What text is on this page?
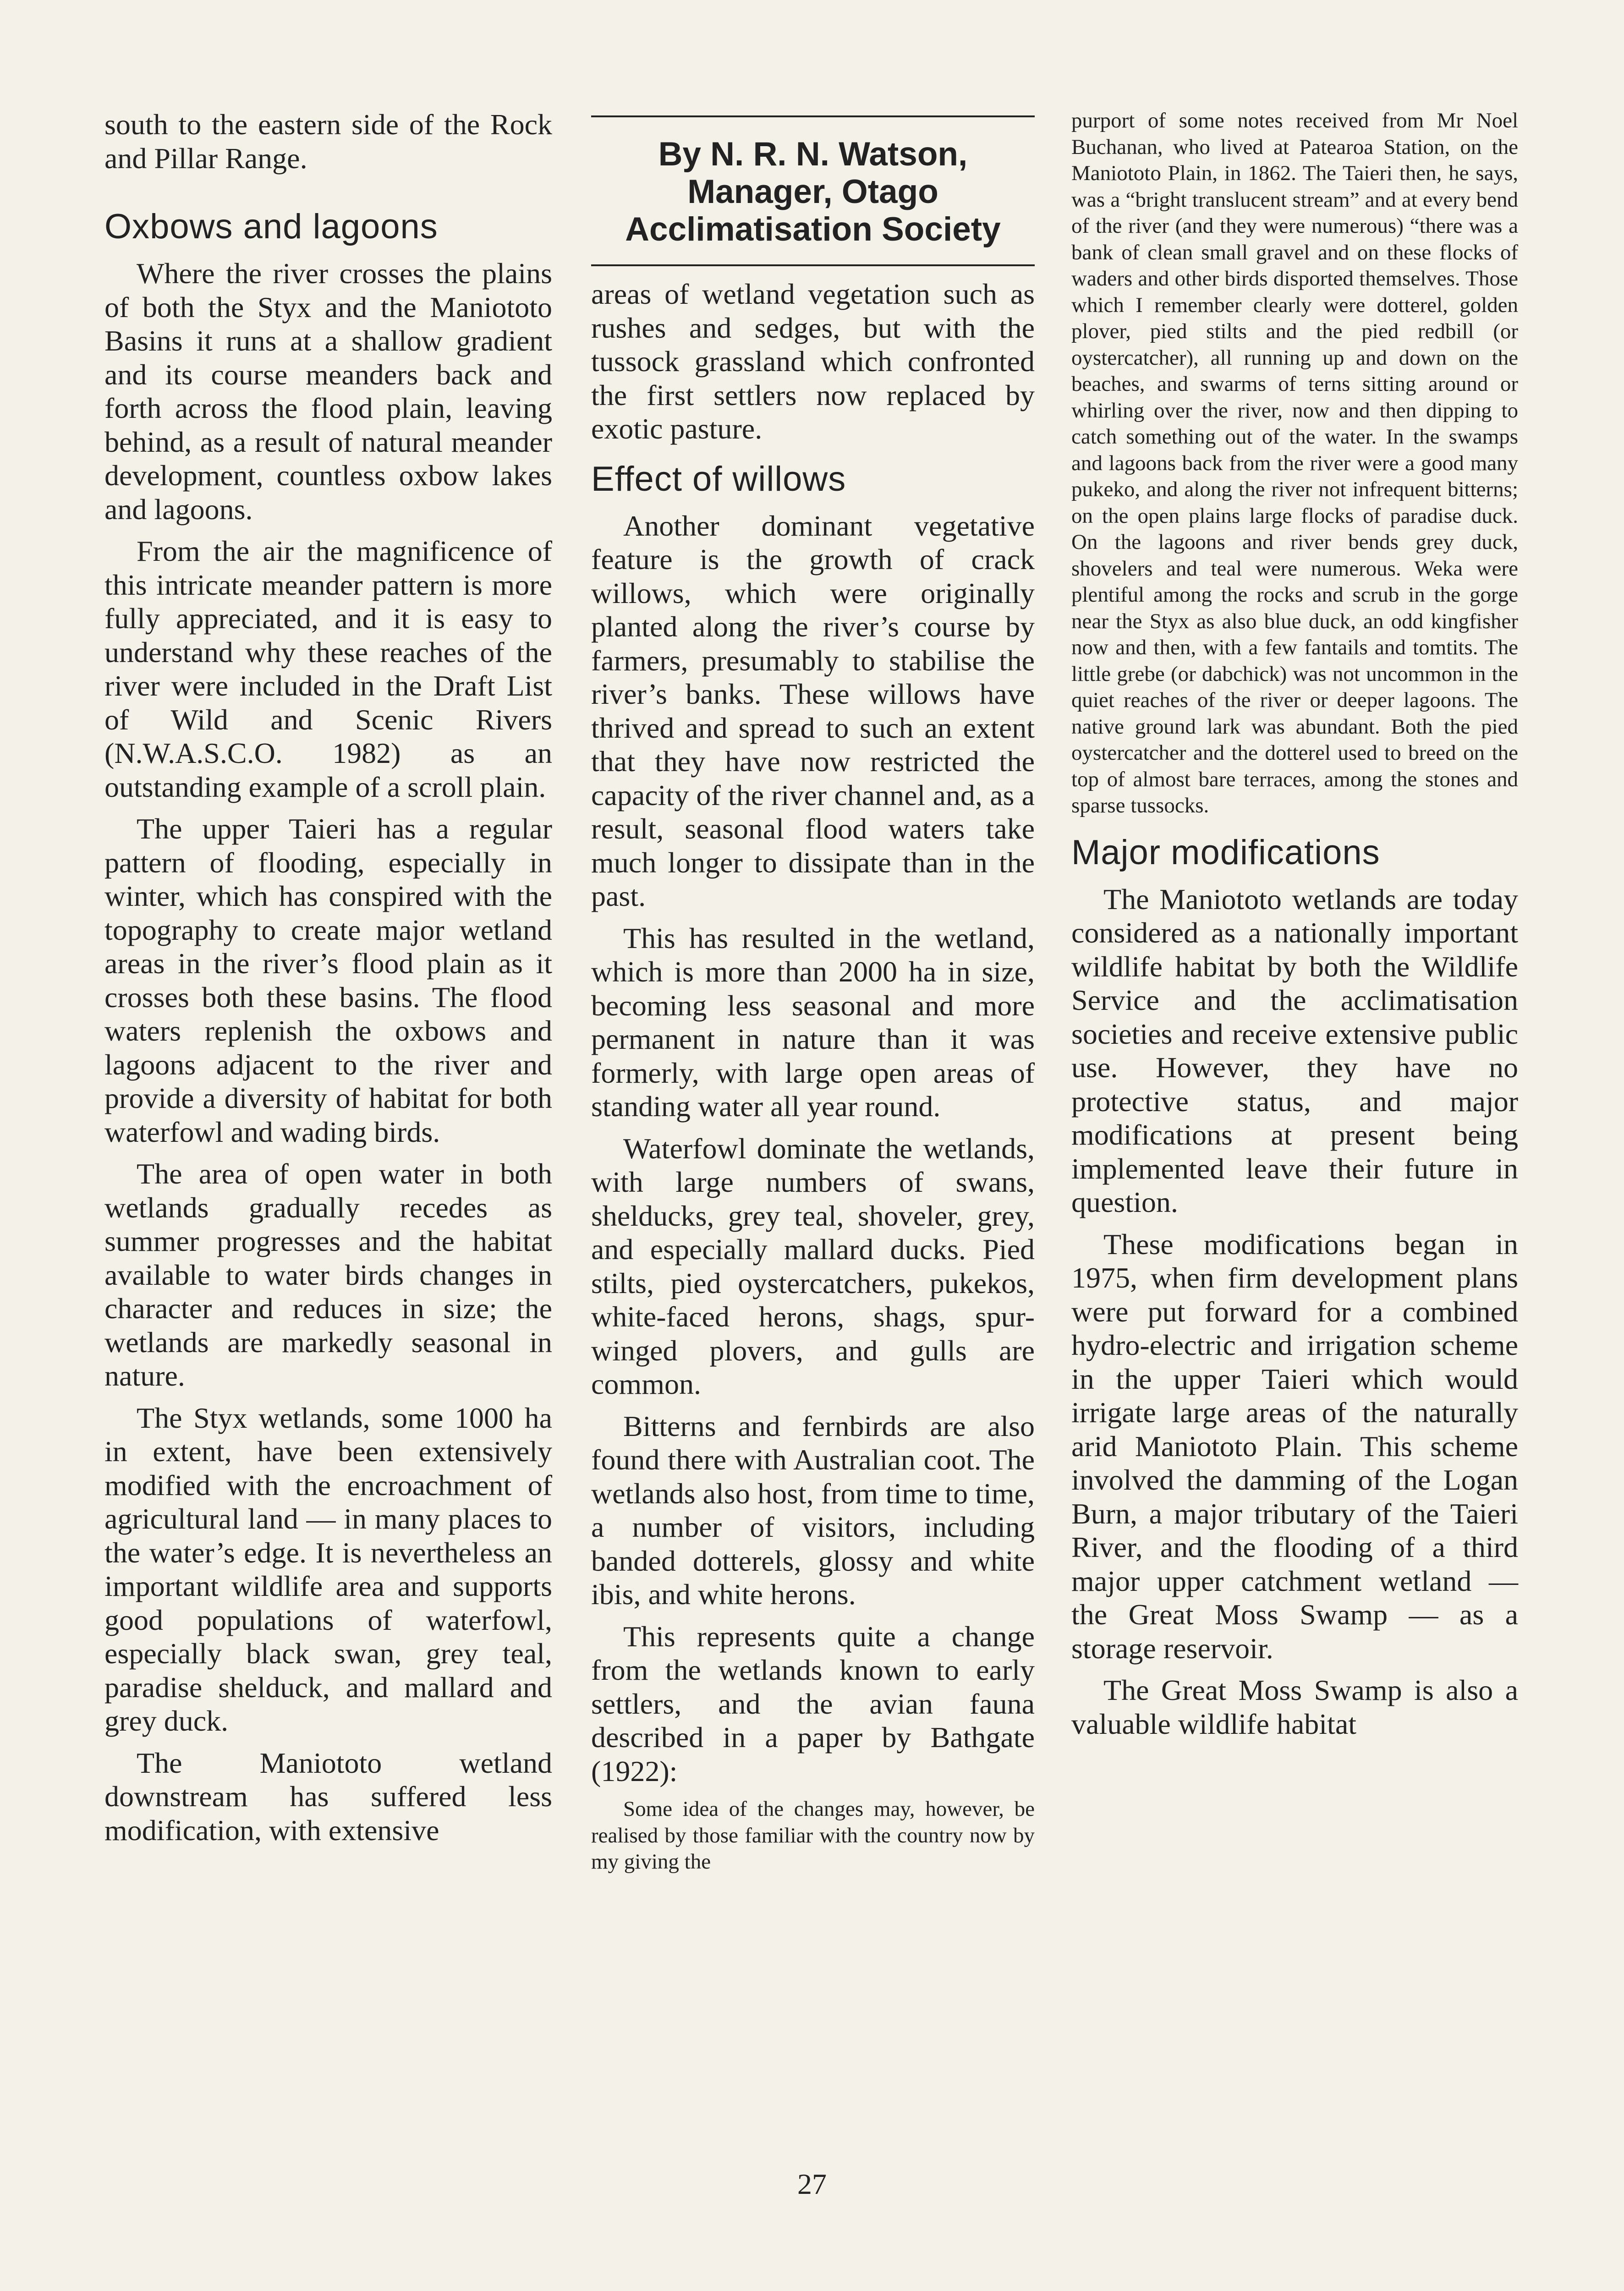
south to the eastern side of the Rock and Pillar Range.

Oxbows and lagoons

Where the river crosses the plains of both the Styx and the Maniototo Basins it runs at a shallow gradient and its course meanders back and forth across the flood plain, leaving behind, as a result of natural meander development, countless oxbow lakes and lagoons.

From the air the magnificence of this intricate meander pattern is more fully appreciated, and it is easy to understand why these reaches of the river were included in the Draft List of Wild and Scenic Rivers (N.W.A.S.C.O. 1982) as an outstanding example of a scroll plain.

The upper Taieri has a regular pattern of flooding, especially in winter, which has conspired with the topography to create major wetland areas in the river’s flood plain as it crosses both these basins. The flood waters replenish the oxbows and lagoons adjacent to the river and provide a diversity of habitat for both waterfowl and wading birds.

The area of open water in both wetlands gradually recedes as summer progresses and the habitat available to water birds changes in character and reduces in size; the wetlands are markedly seasonal in nature.

The Styx wetlands, some 1000 ha in extent, have been extensively modified with the encroachment of agricultural land — in many places to the water’s edge. It is nevertheless an important wildlife area and supports good populations of waterfowl, especially black swan, grey teal, paradise shelduck, and mallard and grey duck.

The Maniototo wetland downstream has suffered less modification, with extensive

By N. R. N. Watson, Manager, Otago Acclimatisation Society

areas of wetland vegetation such as rushes and sedges, but with the tussock grassland which confronted the first settlers now replaced by exotic pasture.

Effect of willows

Another dominant vegetative feature is the growth of crack willows, which were originally planted along the river’s course by farmers, presumably to stabilise the river’s banks. These willows have thrived and spread to such an extent that they have now restricted the capacity of the river channel and, as a result, seasonal flood waters take much longer to dissipate than in the past.

This has resulted in the wetland, which is more than 2000 ha in size, becoming less seasonal and more permanent in nature than it was formerly, with large open areas of standing water all year round.

Waterfowl dominate the wetlands, with large numbers of swans, shelducks, grey teal, shoveler, grey, and especially mallard ducks. Pied stilts, pied oystercatchers, pukekos, white-faced herons, shags, spur-winged plovers, and gulls are common.

Bitterns and fernbirds are also found there with Australian coot. The wetlands also host, from time to time, a number of visitors, including banded dotterels, glossy and white ibis, and white herons.

This represents quite a change from the wetlands known to early settlers, and the avian fauna described in a paper by Bathgate (1922):

Some idea of the changes may, however, be realised by those familiar with the country now by my giving the

purport of some notes received from Mr Noel Buchanan, who lived at Patearoa Station, on the Maniototo Plain, in 1862. The Taieri then, he says, was a “bright translucent stream” and at every bend of the river (and they were numerous) “there was a bank of clean small gravel and on these flocks of waders and other birds disported themselves. Those which I remember clearly were dotterel, golden plover, pied stilts and the pied redbill (or oystercatcher), all running up and down on the beaches, and swarms of terns sitting around or whirling over the river, now and then dipping to catch something out of the water. In the swamps and lagoons back from the river were a good many pukeko, and along the river not infrequent bitterns; on the open plains large flocks of paradise duck. On the lagoons and river bends grey duck, shovelers and teal were numerous. Weka were plentiful among the rocks and scrub in the gorge near the Styx as also blue duck, an odd kingfisher now and then, with a few fantails and tomtits. The little grebe (or dabchick) was not uncommon in the quiet reaches of the river or deeper lagoons. The native ground lark was abundant. Both the pied oystercatcher and the dotterel used to breed on the top of almost bare terraces, among the stones and sparse tussocks.

Major modifications

The Maniototo wetlands are today considered as a nationally important wildlife habitat by both the Wildlife Service and the acclimatisation societies and receive extensive public use. However, they have no protective status, and major modifications at present being implemented leave their future in question.

These modifications began in 1975, when firm development plans were put forward for a combined hydro-electric and irrigation scheme in the upper Taieri which would irrigate large areas of the naturally arid Maniototo Plain. This scheme involved the damming of the Logan Burn, a major tributary of the Taieri River, and the flooding of a third major upper catchment wetland — the Great Moss Swamp — as a storage reservoir.

The Great Moss Swamp is also a valuable wildlife habitat

27
